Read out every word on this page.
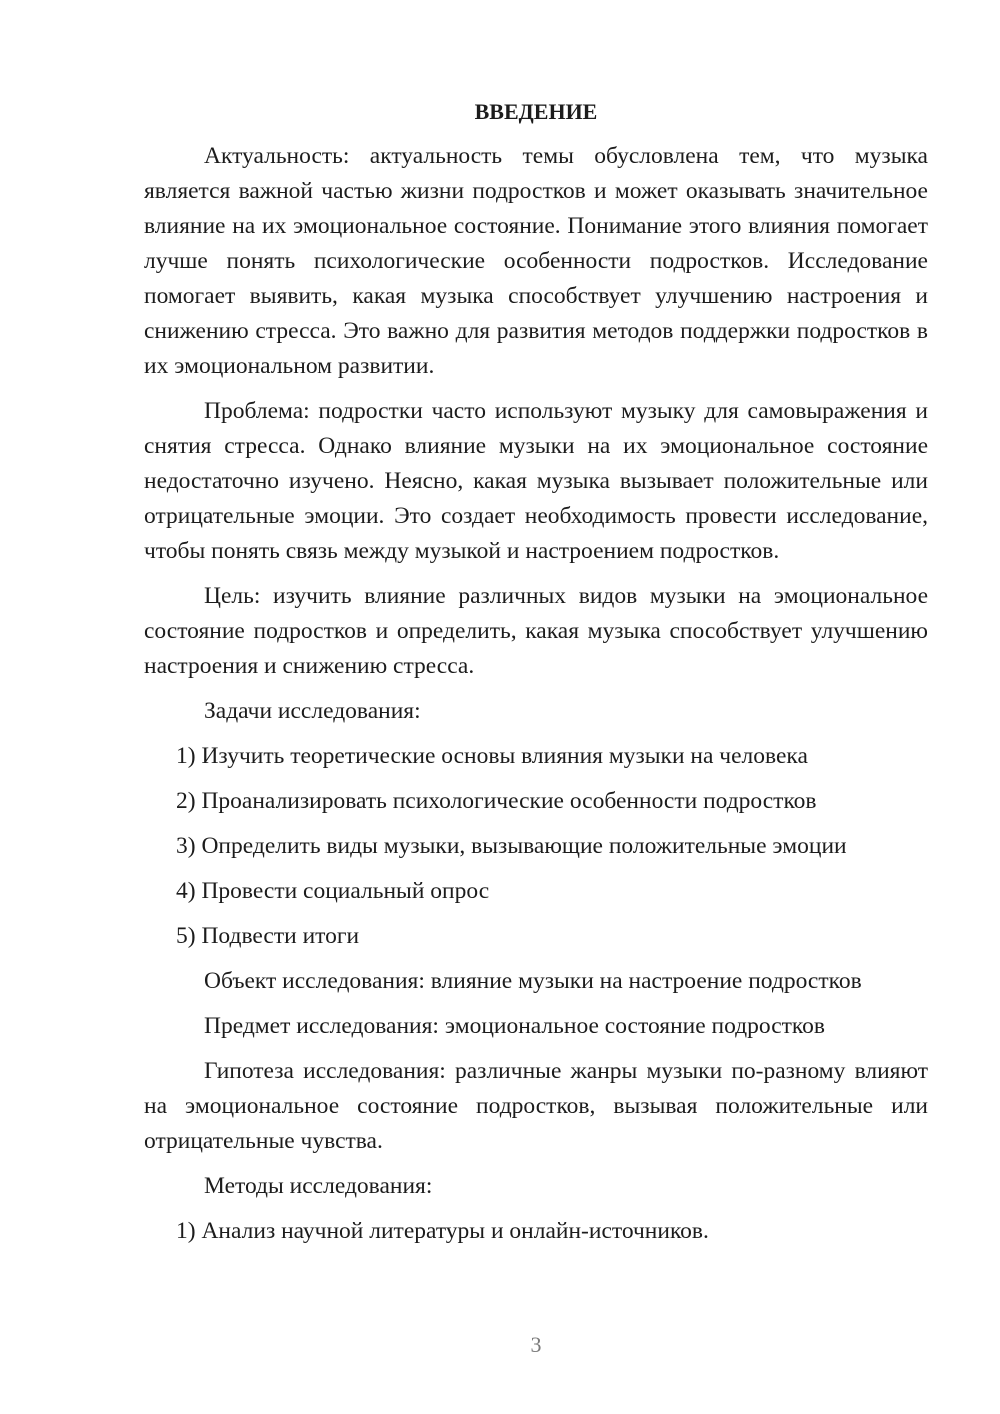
ВВЕДЕНИЕ
Актуальность: актуальность темы обусловлена тем, что музыка является важной частью жизни подростков и может оказывать значительное влияние на их эмоциональное состояние. Понимание этого влияния помогает лучше понять психологические особенности подростков. Исследование помогает выявить, какая музыка способствует улучшению настроения и снижению стресса. Это важно для развития методов поддержки подростков в их эмоциональном развитии.
Проблема: подростки часто используют музыку для самовыражения и снятия стресса. Однако влияние музыки на их эмоциональное состояние недостаточно изучено. Неясно, какая музыка вызывает положительные или отрицательные эмоции. Это создает необходимость провести исследование, чтобы понять связь между музыкой и настроением подростков.
Цель: изучить влияние различных видов музыки на эмоциональное состояние подростков и определить, какая музыка способствует улучшению настроения и снижению стресса.
Задачи исследования:
1) Изучить теоретические основы влияния музыки на человека
2) Проанализировать психологические особенности подростков
3) Определить виды музыки, вызывающие положительные эмоции
4) Провести социальный опрос
5) Подвести итоги
Объект исследования: влияние музыки на настроение подростков
Предмет исследования: эмоциональное состояние подростков
Гипотеза исследования: различные жанры музыки по-разному влияют на эмоциональное состояние подростков, вызывая положительные или отрицательные чувства.
Методы исследования:
1) Анализ научной литературы и онлайн-источников.
3
